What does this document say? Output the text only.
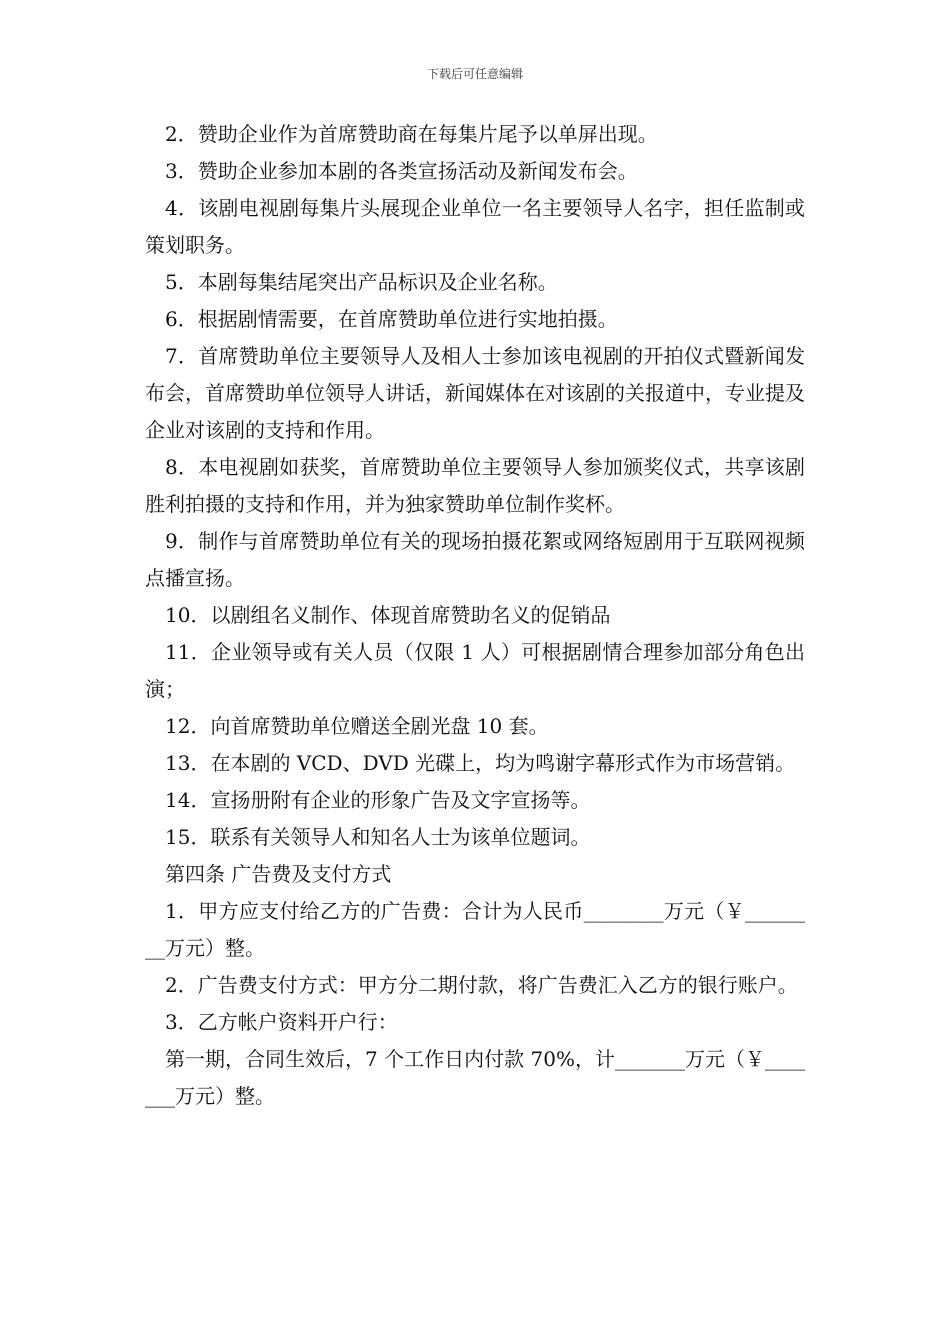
下载后可任意编辑

2．赞助企业作为首席赞助商在每集片尾予以单屏出现。

3．赞助企业参加本剧的各类宣扬活动及新闻发布会。

4．该剧电视剧每集片头展现企业单位一名主要领导人名字，担任监制或策划职务。

5．本剧每集结尾突出产品标识及企业名称。

6．根据剧情需要，在首席赞助单位进行实地拍摄。

7．首席赞助单位主要领导人及相人士参加该电视剧的开拍仪式暨新闻发布会，首席赞助单位领导人讲话，新闻媒体在对该剧的关报道中，专业提及企业对该剧的支持和作用。

8．本电视剧如获奖，首席赞助单位主要领导人参加颁奖仪式，共享该剧胜利拍摄的支持和作用，并为独家赞助单位制作奖杯。

9．制作与首席赞助单位有关的现场拍摄花絮或网络短剧用于互联网视频点播宣扬。

10．以剧组名义制作、体现首席赞助名义的促销品

11．企业领导或有关人员（仅限 1 人）可根据剧情合理参加部分角色出演；

12．向首席赞助单位赠送全剧光盘 10 套。

13．在本剧的 VCD、DVD 光碟上，均为鸣谢字幕形式作为市场营销。

14．宣扬册附有企业的形象广告及文字宣扬等。

15．联系有关领导人和知名人士为该单位题词。

第四条 广告费及支付方式

1．甲方应支付给乙方的广告费：合计为人民币________万元（￥________万元）整。

2．广告费支付方式：甲方分二期付款，将广告费汇入乙方的银行账户。

3．乙方帐户资料开户行：

第一期，合同生效后，7 个工作日内付款 70%，计_______万元（￥_______万元）整。
